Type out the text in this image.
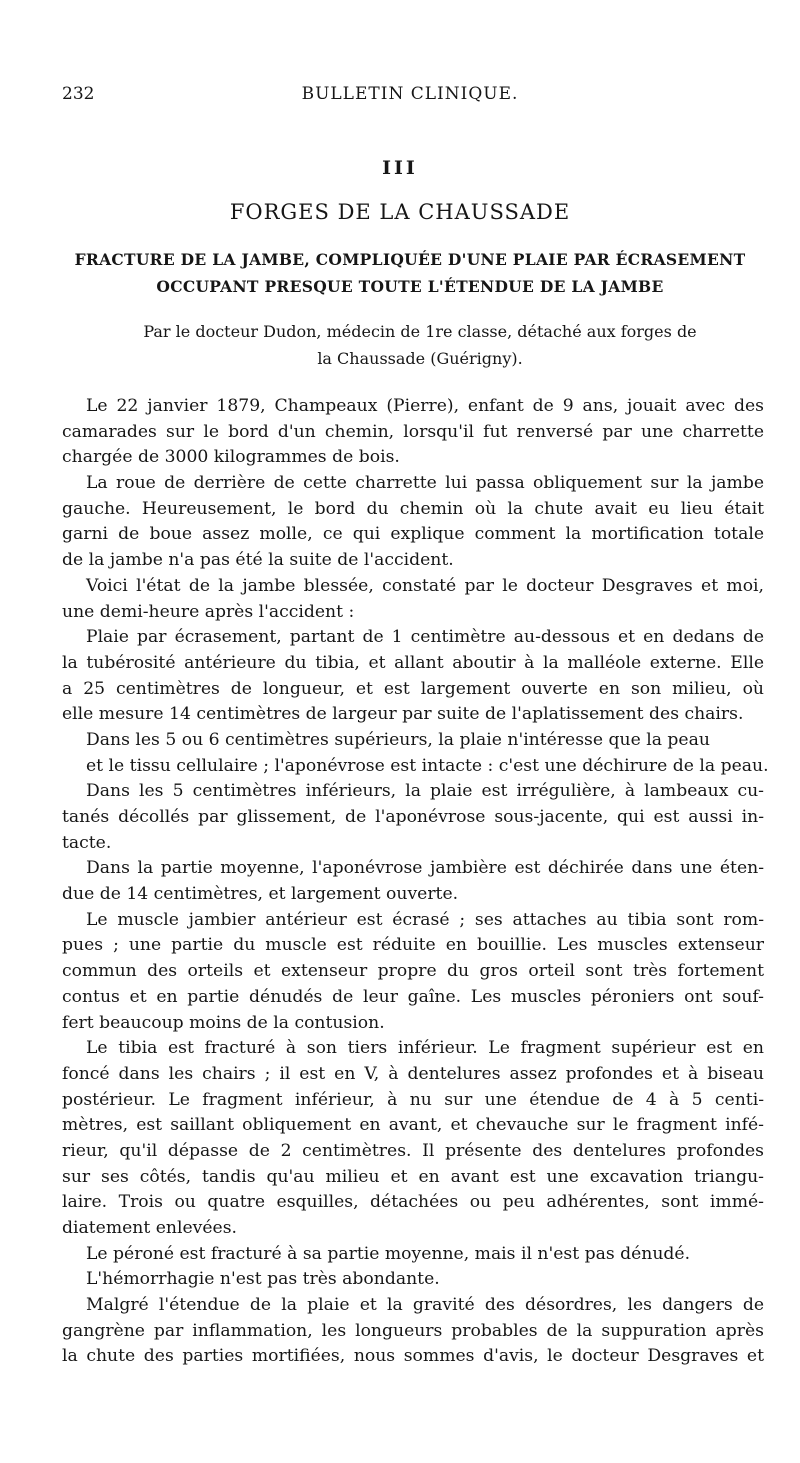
232	BULLETIN CLINIQUE.
III
FORGES DE LA CHAUSSADE
FRACTURE DE LA JAMBE, COMPLIQUÉE D'UNE PLAIE PAR ÉCRASEMENT
OCCUPANT PRESQUE TOUTE L'ÉTENDUE DE LA JAMBE
Par le docteur Dudon, médecin de 1re classe, détaché aux forges de
la Chaussade (Guérigny).
Le 22 janvier 1879, Champeaux (Pierre), enfant de 9 ans, jouait avec des
camarades sur le bord d'un chemin, lorsqu'il fut renversé par une charrette
chargée de 3000 kilogrammes de bois.
La roue de derrière de cette charrette lui passa obliquement sur la jambe
gauche. Heureusement, le bord du chemin où la chute avait eu lieu était
garni de boue assez molle, ce qui explique comment la mortification totale
de la jambe n'a pas été la suite de l'accident.
Voici l'état de la jambe blessée, constaté par le docteur Desgraves et moi,
une demi-heure après l'accident :
Plaie par écrasement, partant de 1 centimètre au-dessous et en dedans de
la tubérosité antérieure du tibia, et allant aboutir à la malléole externe. Elle
a 25 centimètres de longueur, et est largement ouverte en son milieu, où
elle mesure 14 centimètres de largeur par suite de l'aplatissement des chairs.
Dans les 5 ou 6 centimètres supérieurs, la plaie n'intéresse que la peau
et le tissu cellulaire ; l'aponévrose est intacte : c'est une déchirure de la peau.
Dans les 5 centimètres inférieurs, la plaie est irrégulière, à lambeaux cu-
tanés décollés par glissement, de l'aponévrose sous-jacente, qui est aussi in-
tacte.
Dans la partie moyenne, l'aponévrose jambière est déchirée dans une éten-
due de 14 centimètres, et largement ouverte.
Le muscle jambier antérieur est écrasé ; ses attaches au tibia sont rom-
pues ; une partie du muscle est réduite en bouillie. Les muscles extenseur
commun des orteils et extenseur propre du gros orteil sont très fortement
contus et en partie dénudés de leur gaîne. Les muscles péroniers ont souf-
fert beaucoup moins de la contusion.
Le tibia est fracturé à son tiers inférieur. Le fragment supérieur est en
foncé dans les chairs ; il est en V, à dentelures assez profondes et à biseau
postérieur. Le fragment inférieur, à nu sur une étendue de 4 à 5 centi-
mètres, est saillant obliquement en avant, et chevauche sur le fragment infé-
rieur, qu'il dépasse de 2 centimètres. Il présente des dentelures profondes
sur ses côtés, tandis qu'au milieu et en avant est une excavation triangu-
laire. Trois ou quatre esquilles, détachées ou peu adhérentes, sont immé-
diatement enlevées.
Le péroné est fracturé à sa partie moyenne, mais il n'est pas dénudé.
L'hémorrhagie n'est pas très abondante.
Malgré l'étendue de la plaie et la gravité des désordres, les dangers de
gangrène par inflammation, les longueurs probables de la suppuration après
la chute des parties mortifiées, nous sommes d'avis, le docteur Desgraves et
